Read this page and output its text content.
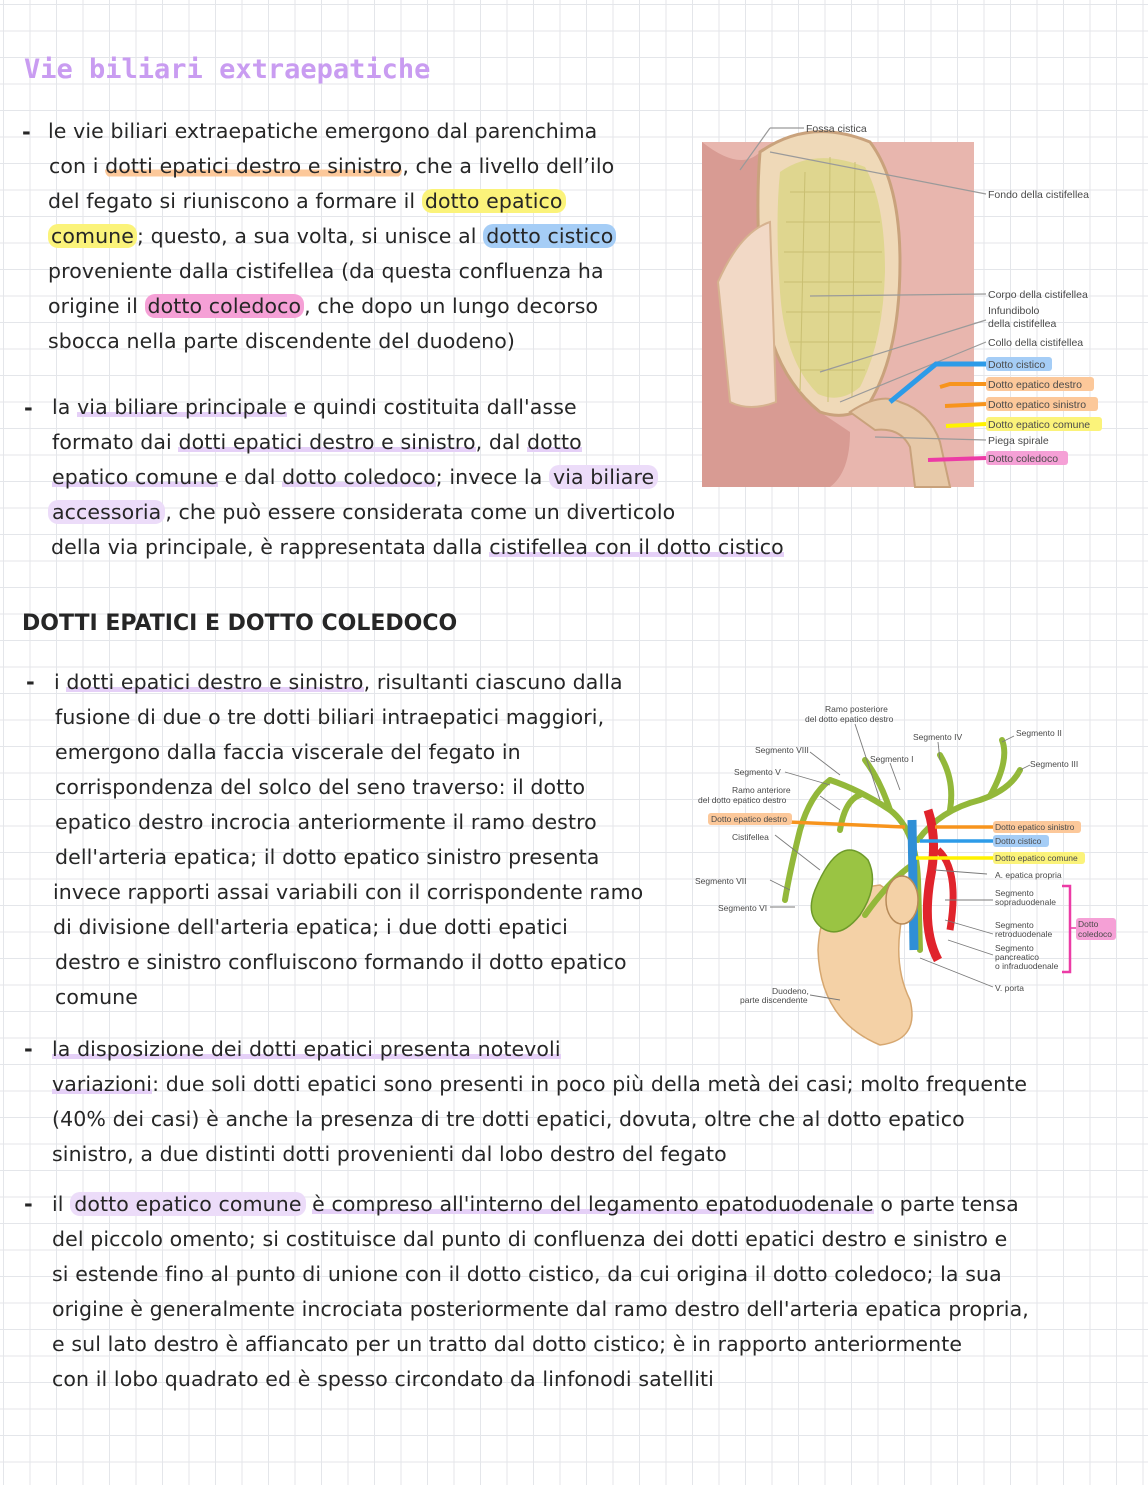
Vie biliari extraepatiche
- le vie biliari extraepatiche emergono dal parenchima
con i dotti epatici destro e sinistro, che a livello dell’ilo
del fegato si riuniscono a formare il dotto epatico
comune ; questo, a sua volta, si unisce al dotto cistico
proveniente dalla cistifellea (da questa confluenza ha
origine il dotto coledoco , che dopo un lungo decorso
sbocca nella parte discendente del duodeno)
- la via biliare principale e quindi costituita dall'asse
formato dai dotti epatici destro e sinistro, dal dotto
epatico comune e dal dotto coledoco; invece la via biliare
accessoria , che può essere considerata come un diverticolo
della via principale, è rappresentata dalla cistifellea con il dotto cistico
DOTTI EPATICI E DOTTO COLEDOCO
- i dotti epatici destro e sinistro, risultanti ciascuno dalla
fusione di due o tre dotti biliari intraepatici maggiori,
emergono dalla faccia viscerale del fegato in
corrispondenza del solco del seno traverso: il dotto
epatico destro incrocia anteriormente il ramo destro
dell'arteria epatica; il dotto epatico sinistro presenta
invece rapporti assai variabili con il corrispondente ramo
di divisione dell'arteria epatica; i due dotti epatici
destro e sinistro confluiscono formando il dotto epatico
comune
- la disposizione dei dotti epatici presenta notevoli
variazioni: due soli dotti epatici sono presenti in poco più della metà dei casi; molto frequente
(40% dei casi) è anche la presenza di tre dotti epatici, dovuta, oltre che al dotto epatico
sinistro, a due distinti dotti provenienti dal lobo destro del fegato
- il dotto epatico comune è compreso all'interno del legamento epatoduodenale o parte tensa
del piccolo omento; si costituisce dal punto di confluenza dei dotti epatici destro e sinistro e
si estende fino al punto di unione con il dotto cistico, da cui origina il dotto coledoco; la sua
origine è generalmente incrociata posteriormente dal ramo destro dell'arteria epatica propria,
e sul lato destro è affiancato per un tratto dal dotto cistico; è in rapporto anteriormente
con il lobo quadrato ed è spesso circondato da linfonodi satelliti
Fossa cistica
Fondo della cistifellea
Corpo della cistifellea
Infundibolo
della cistifellea
Collo della cistifellea
Dotto cistico
Dotto epatico destro
Dotto epatico sinistro
Dotto epatico comune
Piega spirale
Dotto coledoco
Ramo posteriore
del dotto epatico destro
Segmento IV	Segmento II
Segmento VIII
Segmento I	Segmento III
Segmento V
Ramo anteriore
del dotto epatico destro
Dotto epatico destro
Cistifellea
Dotto epatico sinistro
Dotto cistico
Dotto epatico comune
A. epatica propria
Segmento VII
Segmento
sopraduodenale
Segmento VI
Dotto
coledoco
Segmento
retroduodenale
Segmento
pancreatico
o infraduodenale
V. porta
Duodeno,
parte discendente
